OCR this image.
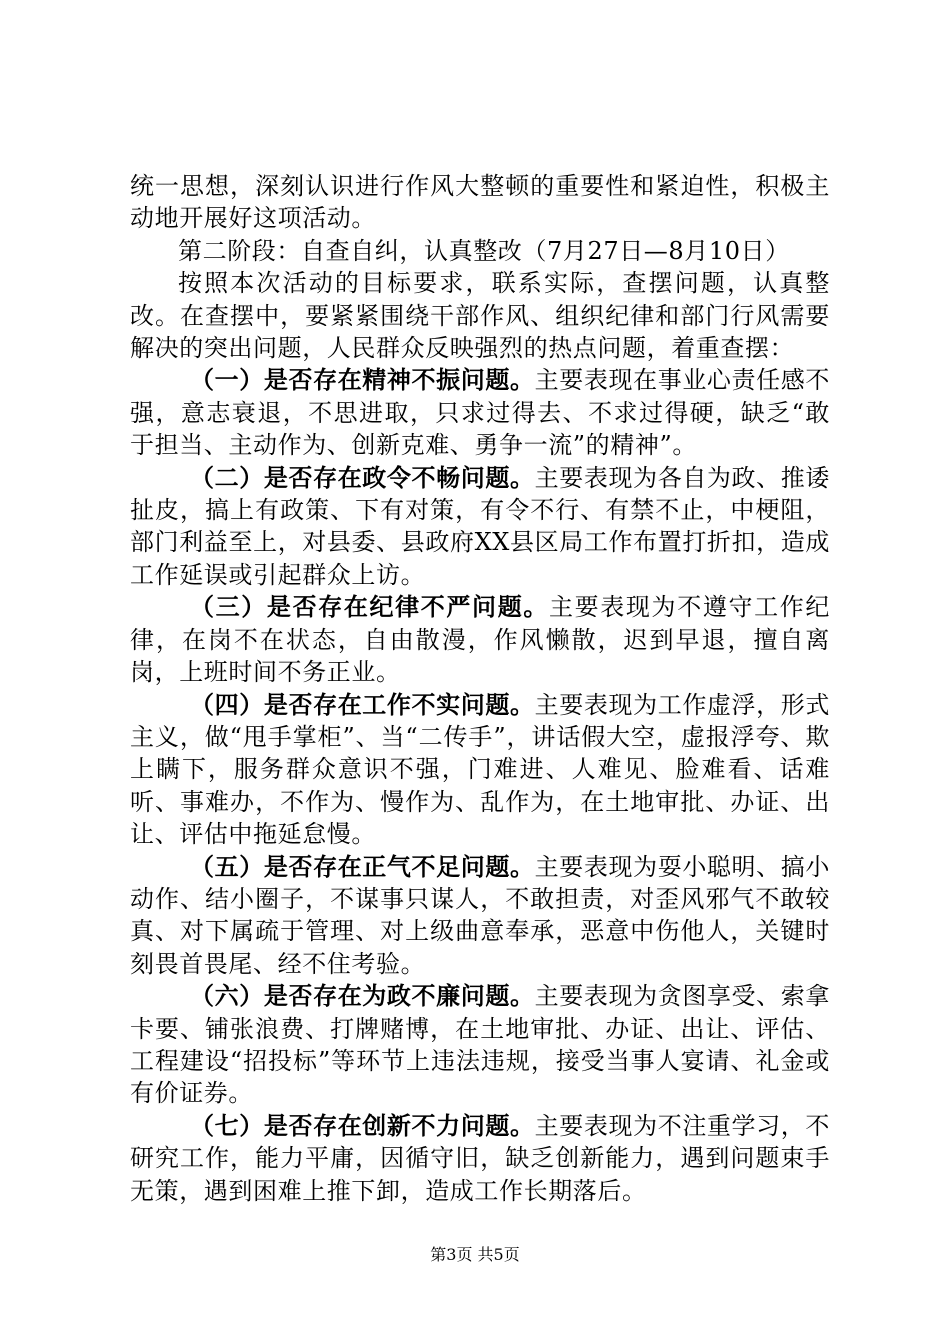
统一思想，深刻认识进行作风大整顿的重要性和紧迫性，积极主动地开展好这项活动。

第二阶段：自查自纠，认真整改（7月27日—8月10日）

按照本次活动的目标要求，联系实际，查摆问题，认真整改。在查摆中，要紧紧围绕干部作风、组织纪律和部门行风需要解决的突出问题，人民群众反映强烈的热点问题，着重查摆：

（一）是否存在精神不振问题。主要表现在事业心责任感不强，意志衰退，不思进取，只求过得去、不求过得硬，缺乏“敢于担当、主动作为、创新克难、勇争一流”的精神”。

（二）是否存在政令不畅问题。主要表现为各自为政、推诿扯皮，搞上有政策、下有对策，有令不行、有禁不止，中梗阻，部门利益至上，对县委、县政府XX县区局工作布置打折扣，造成工作延误或引起群众上访。

（三）是否存在纪律不严问题。主要表现为不遵守工作纪律，在岗不在状态，自由散漫，作风懒散，迟到早退，擅自离岗，上班时间不务正业。

（四）是否存在工作不实问题。主要表现为工作虚浮，形式主义，做“甩手掌柜”、当“二传手”，讲话假大空，虚报浮夸、欺上瞒下，服务群众意识不强，门难进、人难见、脸难看、话难听、事难办，不作为、慢作为、乱作为，在土地审批、办证、出让、评估中拖延怠慢。

（五）是否存在正气不足问题。主要表现为耍小聪明、搞小动作、结小圈子，不谋事只谋人，不敢担责，对歪风邪气不敢较真、对下属疏于管理、对上级曲意奉承，恶意中伤他人，关键时刻畏首畏尾、经不住考验。

（六）是否存在为政不廉问题。主要表现为贪图享受、索拿卡要、铺张浪费、打牌赌博，在土地审批、办证、出让、评估、工程建设“招投标”等环节上违法违规，接受当事人宴请、礼金或有价证券。

（七）是否存在创新不力问题。主要表现为不注重学习，不研究工作，能力平庸，因循守旧，缺乏创新能力，遇到问题束手无策，遇到困难上推下卸，造成工作长期落后。

第3页 共5页
